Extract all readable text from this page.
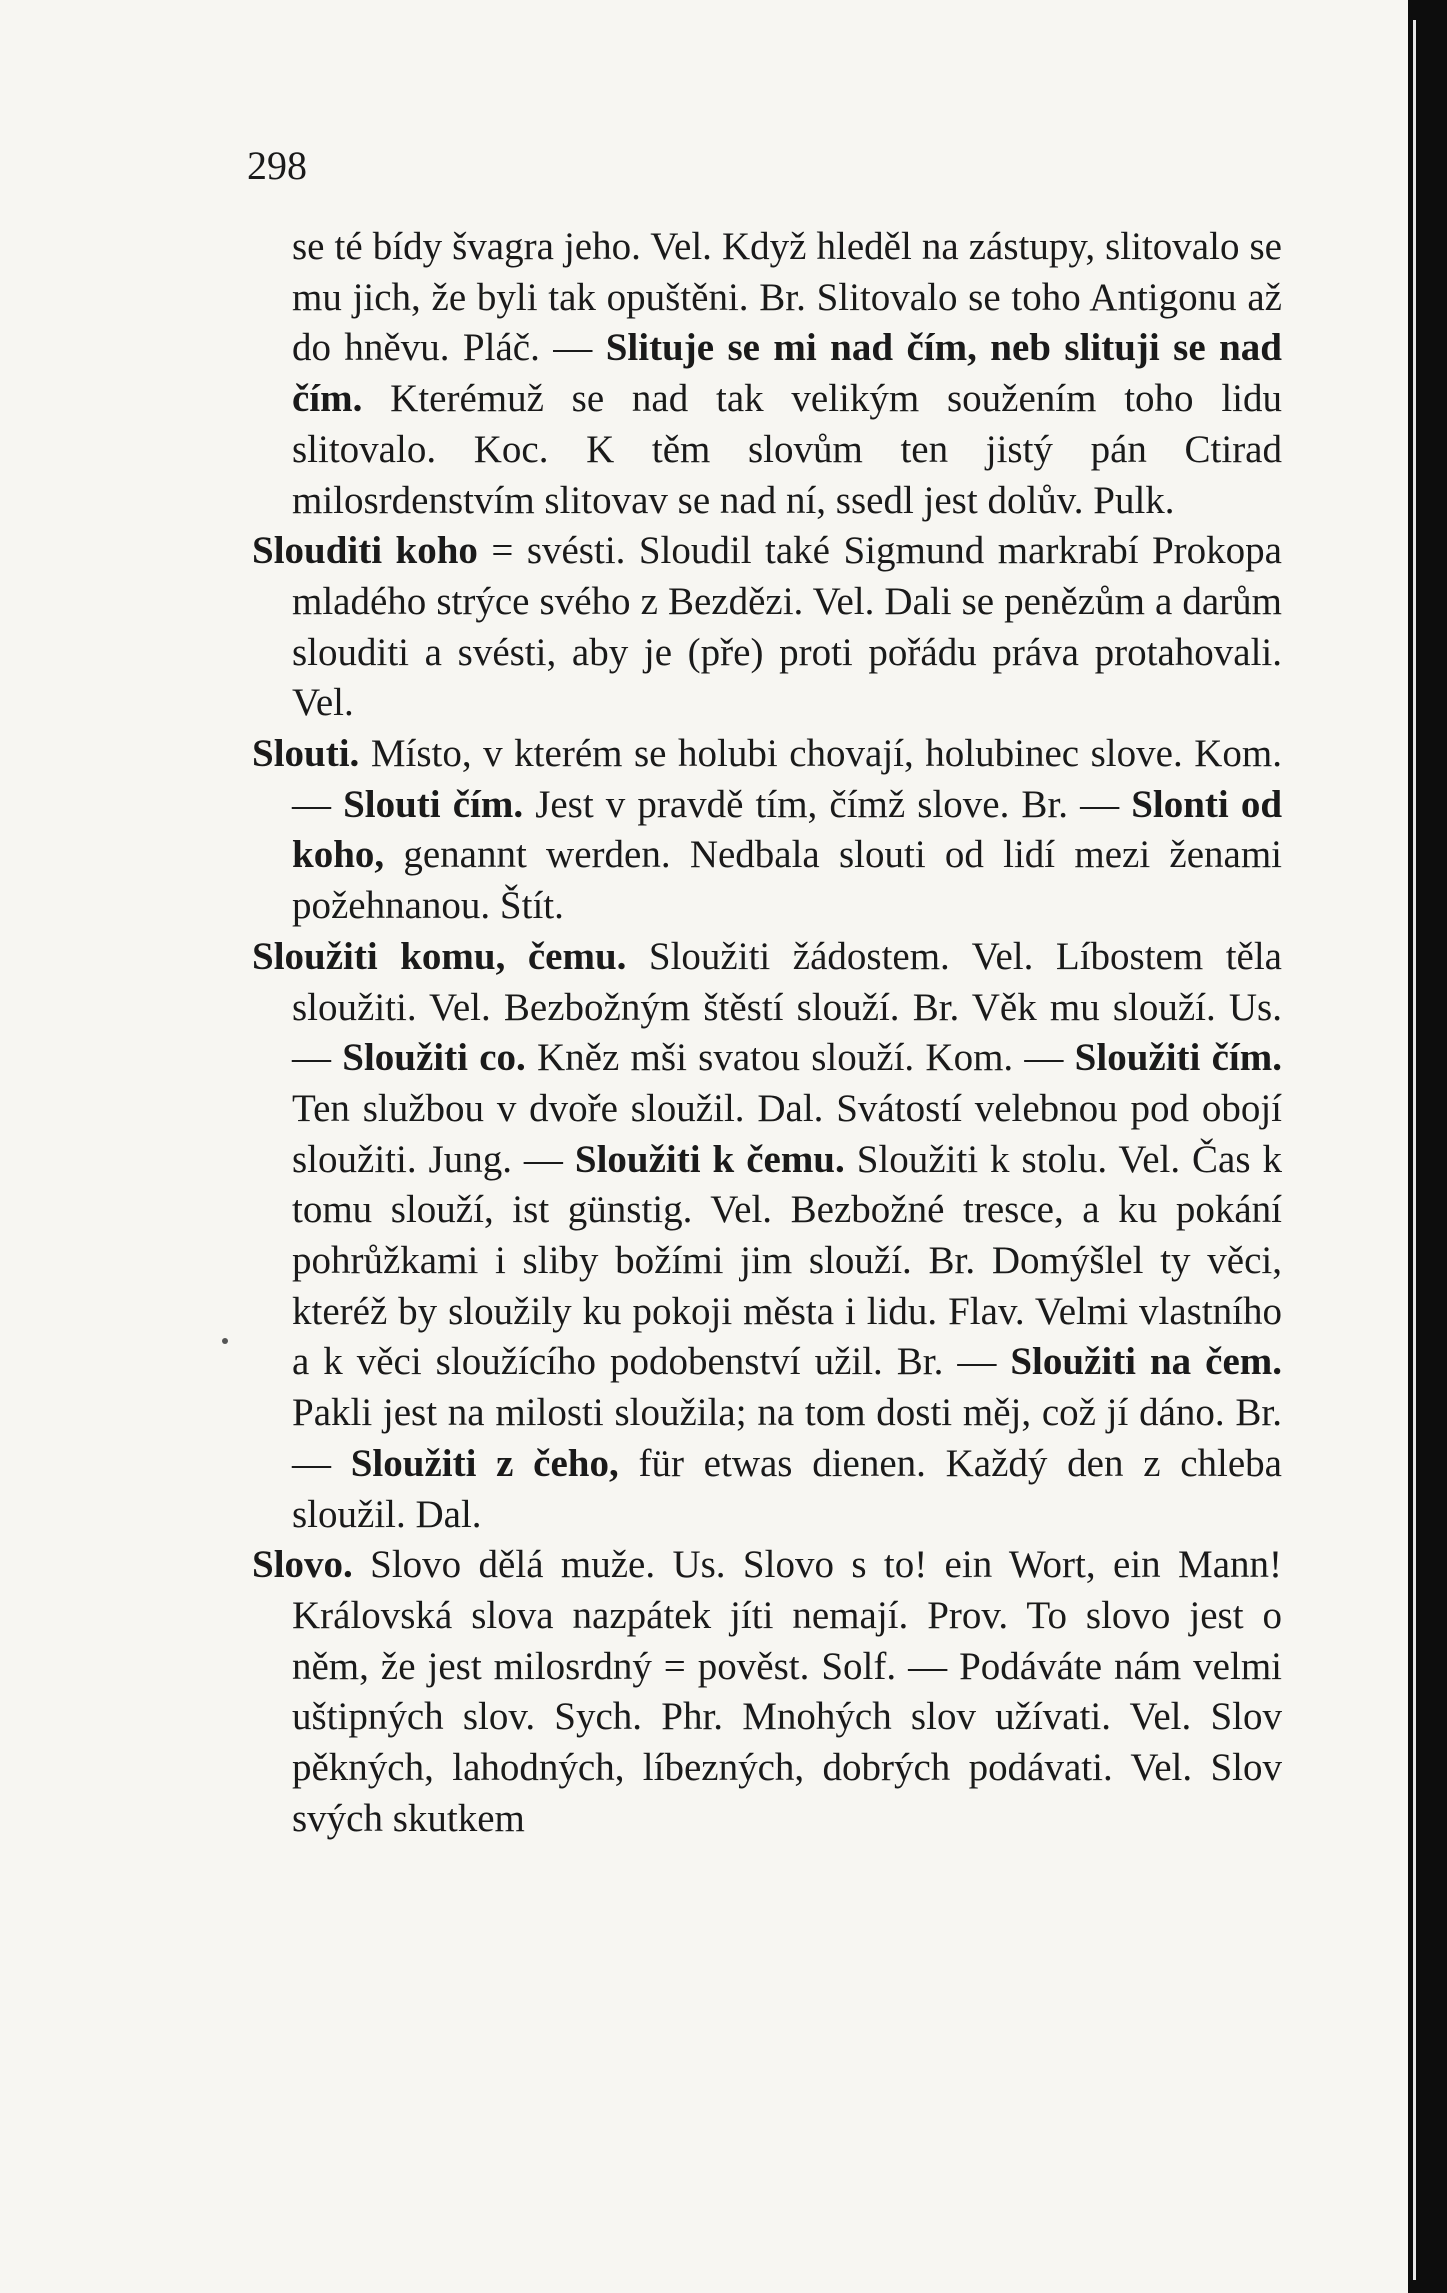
298

se té bídy švagra jeho. Vel. Když hleděl na zástupy, slitovalo se mu jich, že byli tak opuštěni. Br. Slitovalo se toho Antigonu až do hněvu. Pláč. — Slituje se mi nad čím, neb slituji se nad čím. Kterémuž se nad tak velikým soužením toho lidu slitovalo. Koc. K těm slovům ten jistý pán Ctirad milosrdenstvím slitovav se nad ní, ssedl jest dolův. Pulk.

Slouditi koho = svésti. Sloudil také Sigmund markrabí Prokopa mladého strýce svého z Bezdězi. Vel. Dali se penězům a darům slouditi a svésti, aby je (pře) proti pořádu práva protahovali. Vel.

Slouti. Místo, v kterém se holubi chovají, holubinec slove. Kom. — Slouti čím. Jest v pravdě tím, čímž slove. Br. — Slonti od koho, genannt werden. Nedbala slouti od lidí mezi ženami požehnanou. Štít.

Sloužiti komu, čemu. Sloužiti žádostem. Vel. Líbostem těla sloužiti. Vel. Bezbožným štěstí slouží. Br. Věk mu slouží. Us. — Sloužiti co. Kněz mši svatou slouží. Kom. — Sloužiti čím. Ten službou v dvoře sloužil. Dal. Svátostí velebnou pod obojí sloužiti. Jung. — Sloužiti k čemu. Sloužiti k stolu. Vel. Čas k tomu slouží, ist günstig. Vel. Bezbožné tresce, a ku pokání pohrůžkami i sliby božími jim slouží. Br. Domýšlel ty věci, kteréž by sloužily ku pokoji města i lidu. Flav. Velmi vlastního a k věci sloužícího podobenství užil. Br. — Sloužiti na čem. Pakli jest na milosti sloužila; na tom dosti měj, což jí dáno. Br. — Sloužiti z čeho, für etwas dienen. Každý den z chleba sloužil. Dal.

Slovo. Slovo dělá muže. Us. Slovo s to! ein Wort, ein Mann! Královská slova nazpátek jíti nemají. Prov. To slovo jest o něm, že jest milosrdný = pověst. Solf. — Podáváte nám velmi uštipných slov. Sych. Phr. Mnohých slov užívati. Vel. Slov pěkných, lahodných, líbezných, dobrých podávati. Vel. Slov svých skutkem
